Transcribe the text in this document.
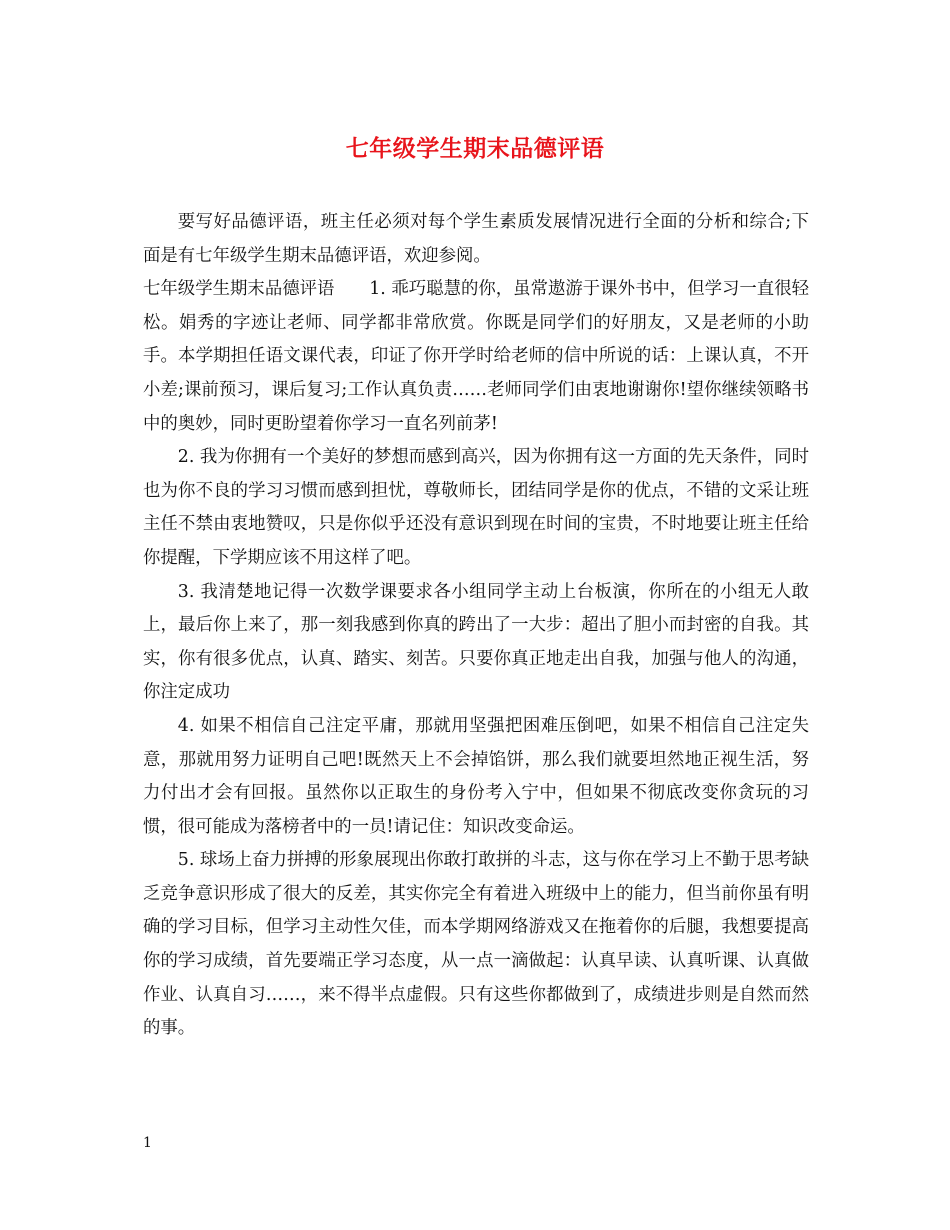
七年级学生期末品德评语

要写好品德评语，班主任必须对每个学生素质发展情况进行全面的分析和综合;下面是有七年级学生期末品德评语，欢迎参阅。

七年级学生期末品德评语　　1. 乖巧聪慧的你，虽常遨游于课外书中，但学习一直很轻松。娟秀的字迹让老师、同学都非常欣赏。你既是同学们的好朋友，又是老师的小助手。本学期担任语文课代表，印证了你开学时给老师的信中所说的话：上课认真，不开小差;课前预习，课后复习;工作认真负责……老师同学们由衷地谢谢你!望你继续领略书中的奥妙，同时更盼望着你学习一直名列前茅!

2. 我为你拥有一个美好的梦想而感到高兴，因为你拥有这一方面的先天条件，同时也为你不良的学习习惯而感到担忧，尊敬师长，团结同学是你的优点，不错的文采让班主任不禁由衷地赞叹，只是你似乎还没有意识到现在时间的宝贵，不时地要让班主任给你提醒，下学期应该不用这样了吧。

3. 我清楚地记得一次数学课要求各小组同学主动上台板演，你所在的小组无人敢上，最后你上来了，那一刻我感到你真的跨出了一大步：超出了胆小而封密的自我。其实，你有很多优点，认真、踏实、刻苦。只要你真正地走出自我，加强与他人的沟通，你注定成功

4. 如果不相信自己注定平庸，那就用坚强把困难压倒吧，如果不相信自己注定失意，那就用努力证明自己吧!既然天上不会掉馅饼，那么我们就要坦然地正视生活，努力付出才会有回报。虽然你以正取生的身份考入宁中，但如果不彻底改变你贪玩的习惯，很可能成为落榜者中的一员!请记住：知识改变命运。

5. 球场上奋力拼搏的形象展现出你敢打敢拼的斗志，这与你在学习上不勤于思考缺乏竞争意识形成了很大的反差，其实你完全有着进入班级中上的能力，但当前你虽有明确的学习目标，但学习主动性欠佳，而本学期网络游戏又在拖着你的后腿，我想要提高你的学习成绩，首先要端正学习态度，从一点一滴做起：认真早读、认真听课、认真做作业、认真自习……，来不得半点虚假。只有这些你都做到了，成绩进步则是自然而然的事。

1
